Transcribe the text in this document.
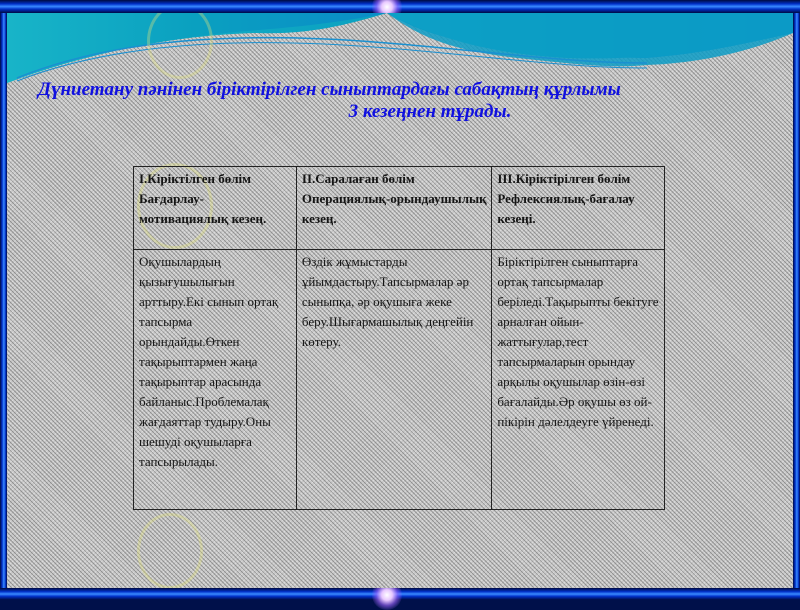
Дүниетану пәнінен біріктірілген сыныптардағы сабақтың құрлымы
3 кезеңнен тұрады.
І.Кіріктілген бөлім Бағдарлау-мотивациялық кезең.	ІІ.Саралаған бөлім Операциялық-орындаушылық кезең.	ІІІ.Кіріктірілген бөлім Рефлексиялық-бағалау кезеңі.
Оқушылардың қызығушылығын арттыру.Екі сынып ортақ тапсырма орындайды.Өткен тақырыптармен жаңа тақырыптар арасында байланыс.Проблемалақ жағдаяттар тудыру.Оны шешуді оқушыларға тапсырылады.	Өздік жұмыстарды ұйымдастыру.Тапсырмалар әр сыныпқа, әр оқушыға жеке беру.Шығармашылық деңгейін көтеру.	Біріктірілген сыныптарға ортақ тапсырмалар беріледі.Тақырыпты бекітуге арналған ойын-жаттығулар,тест тапсырмаларын орындау арқылы оқушылар өзін-өзі бағалайды.Әр оқушы өз ой-пікірін дәлелдеуге үйренеді.
